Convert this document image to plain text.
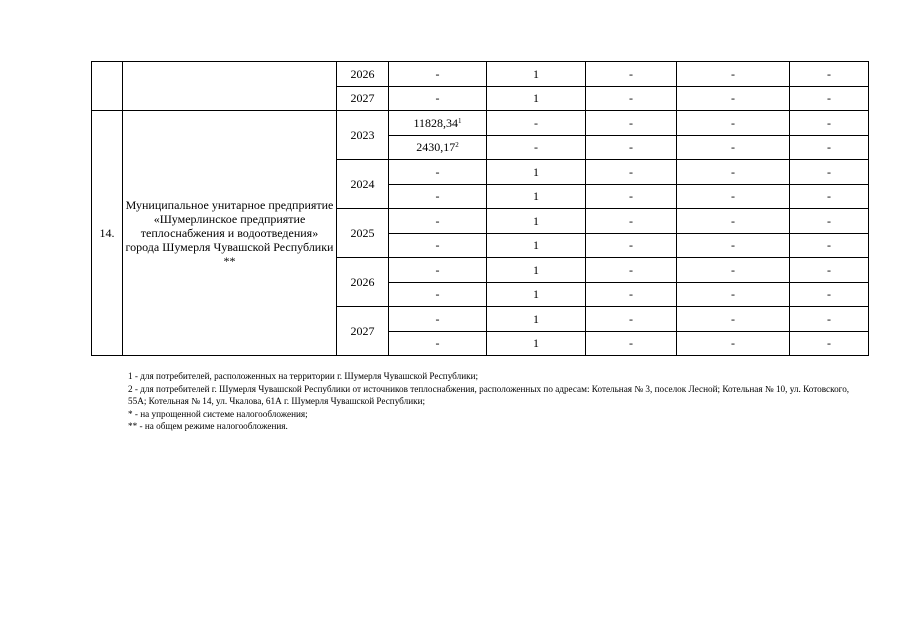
		2026	-	1	-	-	-
		2027	-	1	-	-	-
14.	Муниципальное унитарное предприятие «Шумерлинское предприятие теплоснабжения и водоотведения» города Шумерля Чувашской Республики **	2023	11828,34$^1$	-	-	-	-
			2430,17$^2$	-	-	-	-
		2024	-	1	-	-	-
			-	1	-	-	-
		2025	-	1	-	-	-
			-	1	-	-	-
		2026	-	1	-	-	-
			-	1	-	-	-
		2027	-	1	-	-	-
			-	1	-	-	-
1 - для потребителей, расположенных на территории г. Шумерля Чувашской Республики;
2 - для потребителей г. Шумерля Чувашской Республики от источников теплоснабжения, расположенных по адресам: Котельная № 3, поселок Лесной; Котельная № 10, ул. Котовского, 55А; Котельная № 14, ул. Чкалова, 61А г. Шумерля Чувашской Республики;
* - на упрощенной системе налогообложения;
** - на общем режиме налогообложения.
